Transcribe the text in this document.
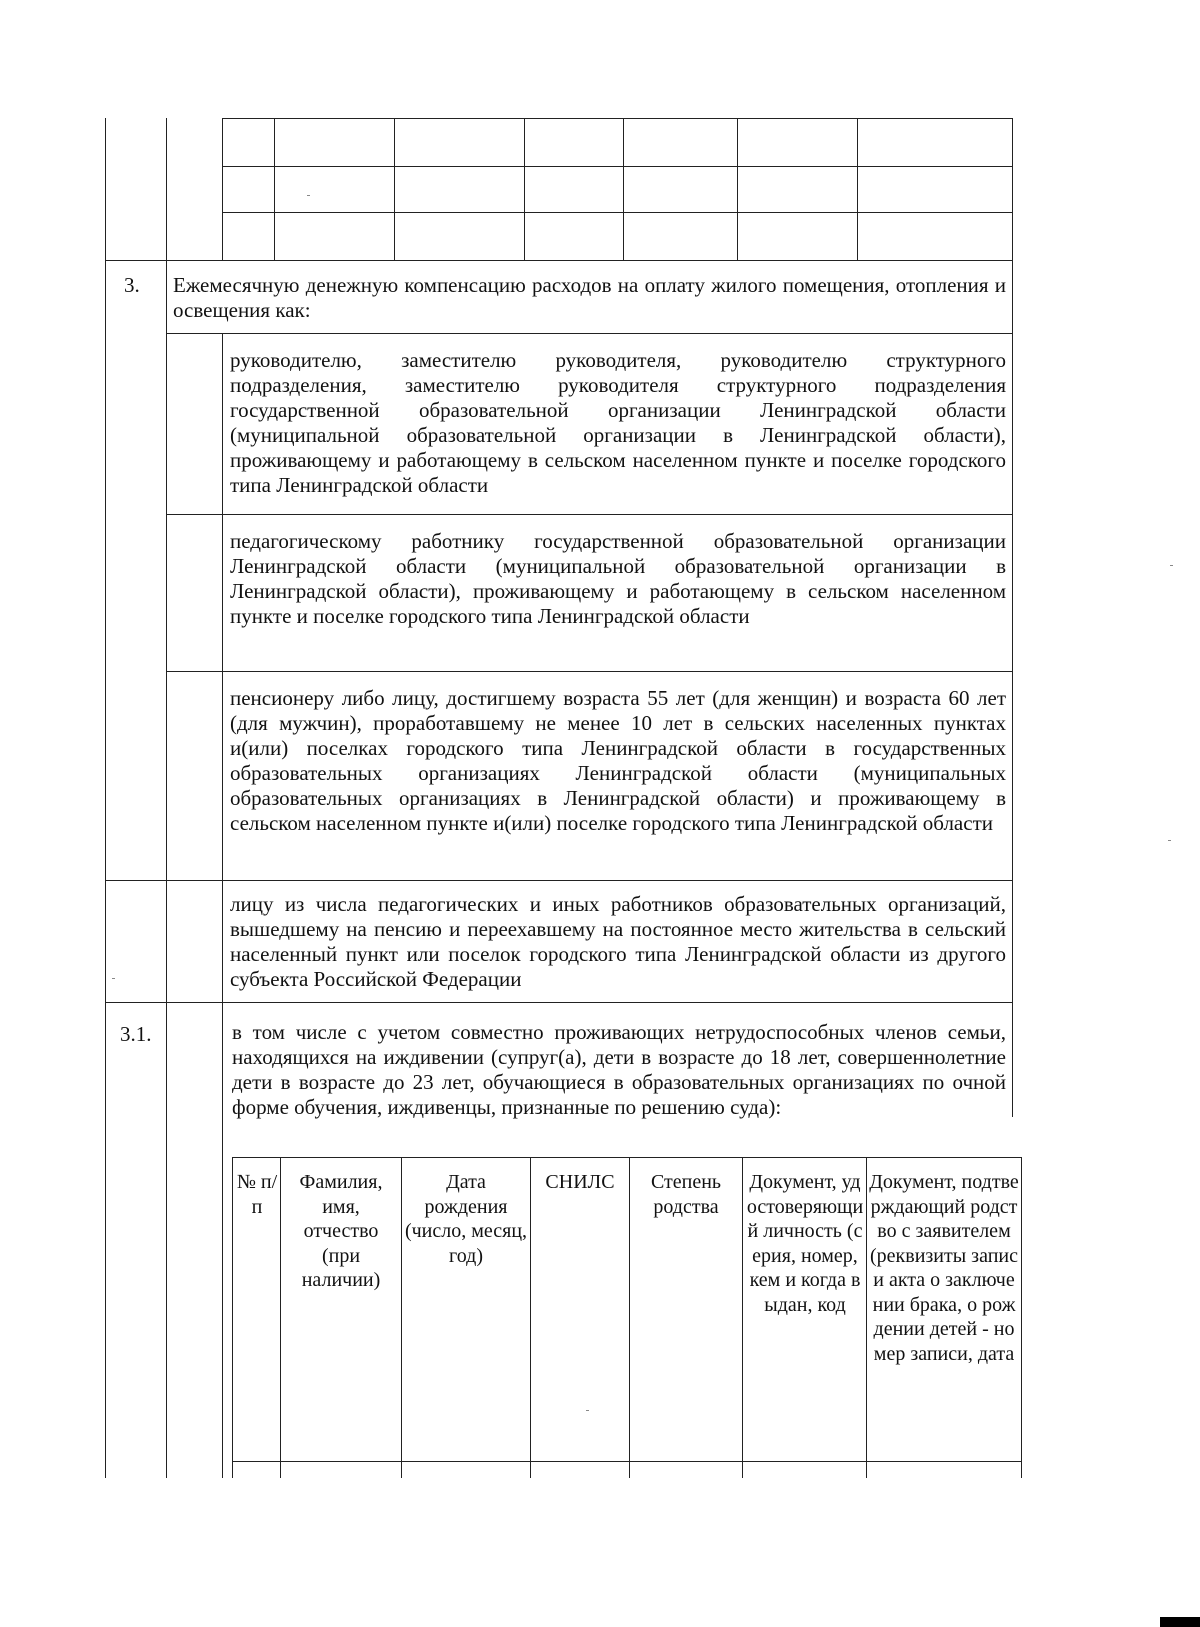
3. Ежемесячную денежную компенсацию расходов на оплату жилого помещения, отопления и освещения как:
руководителю, заместителю руководителя, руководителю структурного подразделения, заместителю руководителя структурного подразделения государственной образовательной организации Ленинградской области (муниципальной образовательной организации в Ленинградской области), проживающему и работающему в сельском населенном пункте и поселке городского типа Ленинградской области
педагогическому работнику государственной образовательной организации Ленинградской области (муниципальной образовательной организации в Ленинградской области), проживающему и работающему в сельском населенном пункте и поселке городского типа Ленинградской области
пенсионеру либо лицу, достигшему возраста 55 лет (для женщин) и возраста 60 лет (для мужчин), проработавшему не менее 10 лет в сельских населенных пунктах и(или) поселках городского типа Ленинградской области в государственных образовательных организациях Ленинградской области (муниципальных образовательных организациях в Ленинградской области) и проживающему в сельском населенном пункте и(или) поселке городского типа Ленинградской области
лицу из числа педагогических и иных работников образовательных организаций, вышедшему на пенсию и переехавшему на постоянное место жительства в сельский населенный пункт или поселок городского типа Ленинградской области из другого субъекта Российской Федерации
3.1.	в том числе с учетом совместно проживающих нетрудоспособных членов семьи, находящихся на иждивении (супруг(а), дети в возрасте до 18 лет, совершеннолетние дети в возрасте до 23 лет, обучающиеся в образовательных организациях по очной форме обучения, иждивенцы, признанные по решению суда):
№ п/п
Фамилия, имя, отчество (при наличии)
Дата рождения (число, месяц, год)
СНИЛС	Степень родства
Документ, удостоверяющий личность (серия, номер, кем и когда выдан, код
Документ, подтверждающий родство с заявителем (реквизиты записи акта о заключении брака, о рождении детей - номер записи, дата
